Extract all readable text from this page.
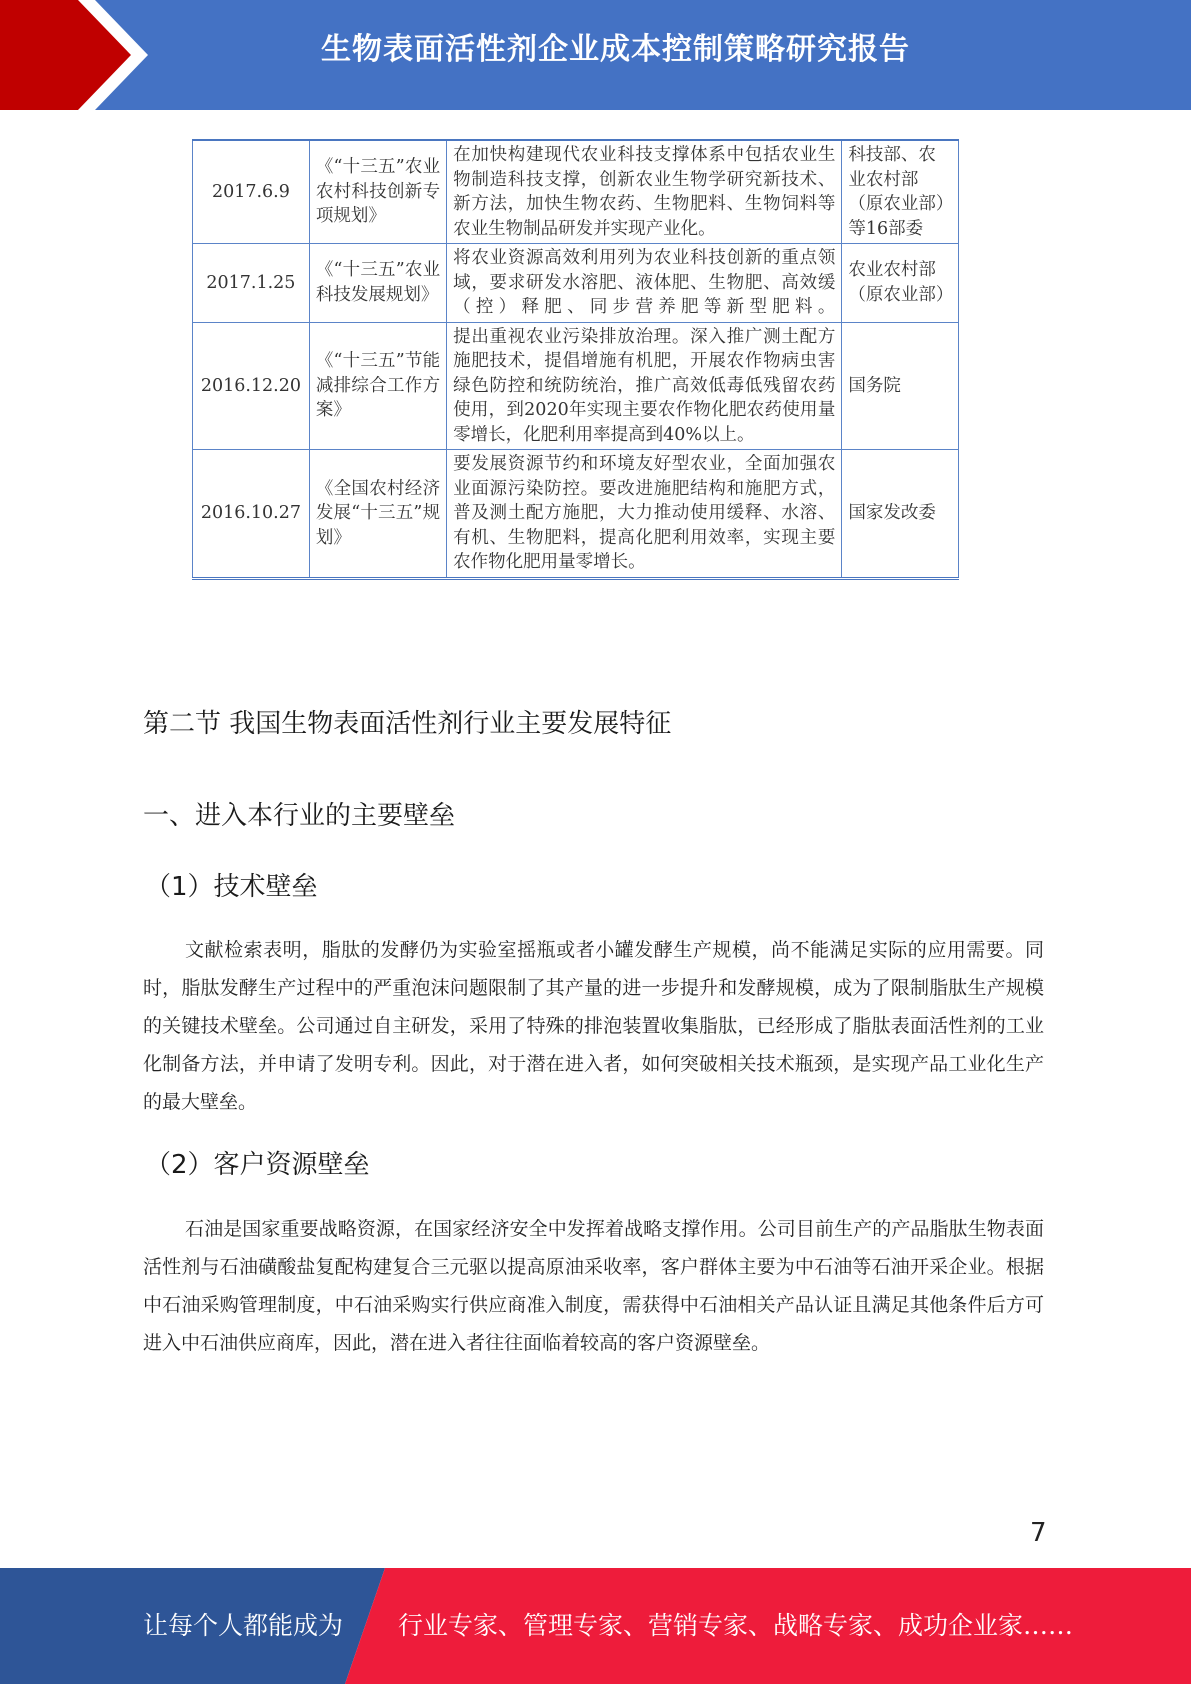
生物表面活性剂企业成本控制策略研究报告
2017.6.9	《“十三五”农业农村科技创新专项规划》	在加快构建现代农业科技支撑体系中包括农业生物制造科技支撑，创新农业生物学研究新技术、新方法，加快生物农药、生物肥料、生物饲料等农业生物制品研发并实现产业化。	科技部、农业农村部（原农业部）等16部委
2017.1.25	《“十三五”农业科技发展规划》	将农业资源高效利用列为农业科技创新的重点领域，要求研发水溶肥、液体肥、生物肥、高效缓（控）释肥、同步营养肥等新型肥料。	农业农村部（原农业部）
2016.12.20	《“十三五”节能减排综合工作方案》	提出重视农业污染排放治理。深入推广测土配方施肥技术，提倡增施有机肥，开展农作物病虫害绿色防控和统防统治，推广高效低毒低残留农药使用，到2020年实现主要农作物化肥农药使用量零增长，化肥利用率提高到40%以上。	国务院
2016.10.27	《全国农村经济发展“十三五”规划》	要发展资源节约和环境友好型农业，全面加强农业面源污染防控。要改进施肥结构和施肥方式，普及测土配方施肥，大力推动使用缓释、水溶、有机、生物肥料，提高化肥利用效率，实现主要农作物化肥用量零增长。	国家发改委
第二节 我国生物表面活性剂行业主要发展特征
一、进入本行业的主要壁垒
（1）技术壁垒

文献检索表明，脂肽的发酵仍为实验室摇瓶或者小罐发酵生产规模，尚不能满足实际的应用需要。同时，脂肽发酵生产过程中的严重泡沫问题限制了其产量的进一步提升和发酵规模，成为了限制脂肽生产规模的关键技术壁垒。公司通过自主研发，采用了特殊的排泡装置收集脂肽，已经形成了脂肽表面活性剂的工业化制备方法，并申请了发明专利。因此，对于潜在进入者，如何突破相关技术瓶颈，是实现产品工业化生产的最大壁垒。

（2）客户资源壁垒

石油是国家重要战略资源，在国家经济安全中发挥着战略支撑作用。公司目前生产的产品脂肽生物表面活性剂与石油磺酸盐复配构建复合三元驱以提高原油采收率，客户群体主要为中石油等石油开采企业。根据中石油采购管理制度，中石油采购实行供应商准入制度，需获得中石油相关产品认证且满足其他条件后方可进入中石油供应商库，因此，潜在进入者往往面临着较高的客户资源壁垒。

7
让每个人都能成为 行业专家、管理专家、营销专家、战略专家、成功企业家……
